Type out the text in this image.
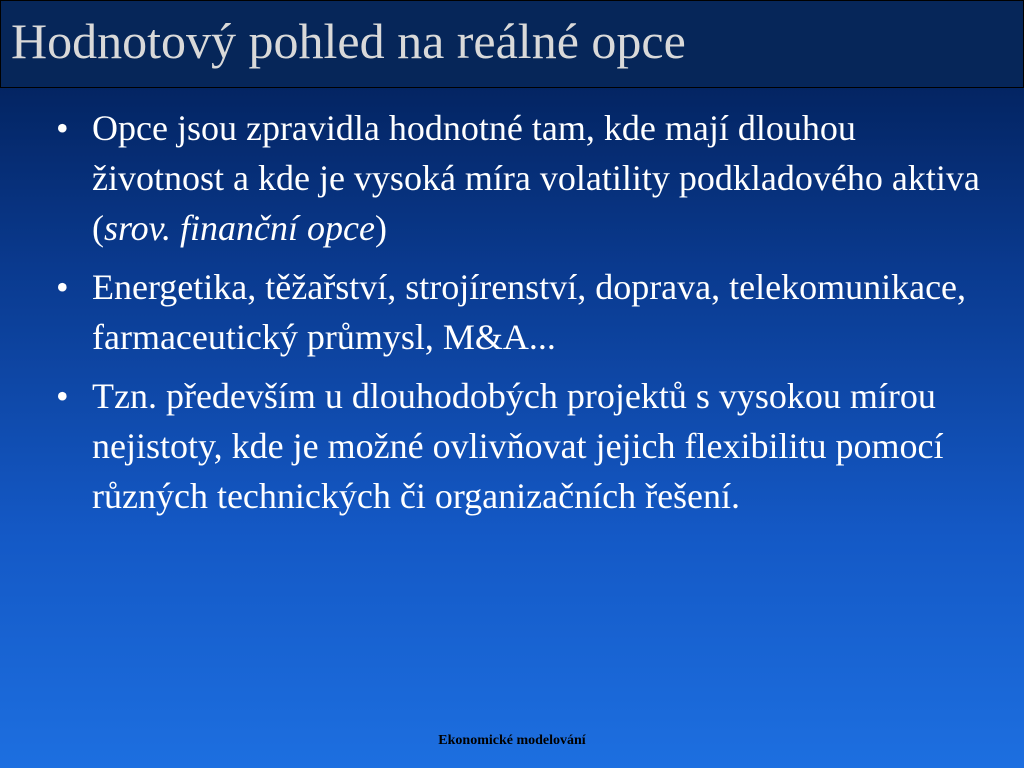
Hodnotový pohled na reálné opce
• Opce jsou zpravidla hodnotné tam, kde mají dlouhou životnost a kde je vysoká míra volatility podkladového aktiva (srov. finanční opce)
• Energetika, těžařství, strojírenství, doprava, telekomunikace, farmaceutický průmysl, M&A...
• Tzn. především u dlouhodobých projektů s vysokou mírou nejistoty, kde je možné ovlivňovat jejich flexibilitu pomocí různých technických či organizačních řešení.
Ekonomické modelování
